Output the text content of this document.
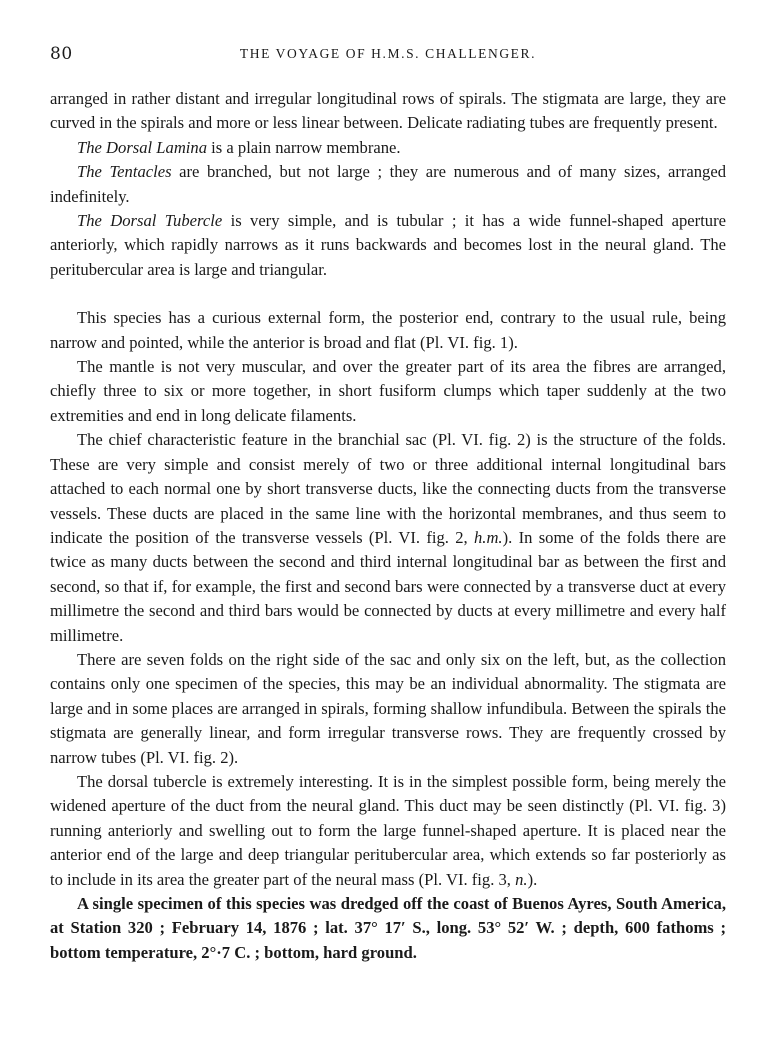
80	THE VOYAGE OF H.M.S. CHALLENGER.

arranged in rather distant and irregular longitudinal rows of spirals. The stigmata are large, they are curved in the spirals and more or less linear between. Delicate radiating tubes are frequently present.

The Dorsal Lamina is a plain narrow membrane.

The Tentacles are branched, but not large ; they are numerous and of many sizes, arranged indefinitely.

The Dorsal Tubercle is very simple, and is tubular ; it has a wide funnel-shaped aperture anteriorly, which rapidly narrows as it runs backwards and becomes lost in the neural gland. The peritubercular area is large and triangular.

This species has a curious external form, the posterior end, contrary to the usual rule, being narrow and pointed, while the anterior is broad and flat (Pl. VI. fig. 1).

The mantle is not very muscular, and over the greater part of its area the fibres are arranged, chiefly three to six or more together, in short fusiform clumps which taper suddenly at the two extremities and end in long delicate filaments.

The chief characteristic feature in the branchial sac (Pl. VI. fig. 2) is the structure of the folds. These are very simple and consist merely of two or three additional internal longitudinal bars attached to each normal one by short transverse ducts, like the connecting ducts from the transverse vessels. These ducts are placed in the same line with the horizontal membranes, and thus seem to indicate the position of the transverse vessels (Pl. VI. fig. 2, h.m.). In some of the folds there are twice as many ducts between the second and third internal longitudinal bar as between the first and second, so that if, for example, the first and second bars were connected by a transverse duct at every millimetre the second and third bars would be connected by ducts at every millimetre and every half millimetre.

There are seven folds on the right side of the sac and only six on the left, but, as the collection contains only one specimen of the species, this may be an individual abnormality. The stigmata are large and in some places are arranged in spirals, forming shallow infundibula. Between the spirals the stigmata are generally linear, and form irregular transverse rows. They are frequently crossed by narrow tubes (Pl. VI. fig. 2).

The dorsal tubercle is extremely interesting. It is in the simplest possible form, being merely the widened aperture of the duct from the neural gland. This duct may be seen distinctly (Pl. VI. fig. 3) running anteriorly and swelling out to form the large funnel-shaped aperture. It is placed near the anterior end of the large and deep triangular peritubercular area, which extends so far posteriorly as to include in its area the greater part of the neural mass (Pl. VI. fig. 3, n.).

A single specimen of this species was dredged off the coast of Buenos Ayres, South America, at Station 320 ; February 14, 1876 ; lat. 37° 17′ S., long. 53° 52′ W. ; depth, 600 fathoms ; bottom temperature, 2°·7 C. ; bottom, hard ground.
